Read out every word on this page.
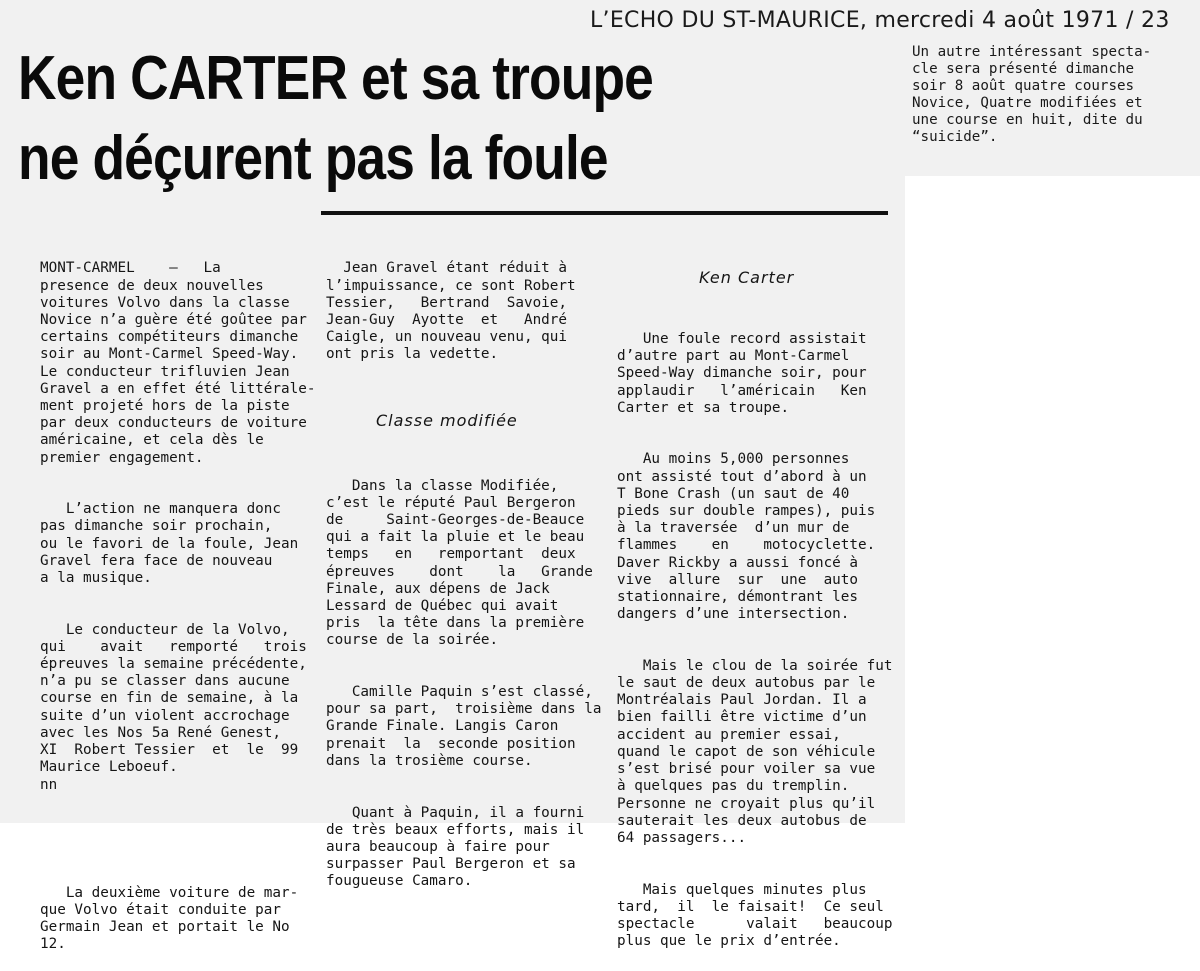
L’ECHO DU ST-MAURICE, mercredi 4 août 1971 / 23
Ken CARTER et sa troupe
ne déçurent pas la foule
Un autre intéressant specta-
cle sera présenté dimanche
soir 8 août quatre courses
Novice, Quatre modifiées et
une course en huit, dite du
“suicide”.

MONT-CARMEL    –   La
presence de deux nouvelles
voitures Volvo dans la classe
Novice n’a guère été goûtee par
certains compétiteurs dimanche
soir au Mont-Carmel Speed-Way.
Le conducteur trifluvien Jean
Gravel a en effet été littérale-
ment projeté hors de la piste
par deux conducteurs de voiture
américaine, et cela dès le
premier engagement.

L’action ne manquera donc
pas dimanche soir prochain,
ou le favori de la foule, Jean
Gravel fera face de nouveau
a la musique.

Le conducteur de la Volvo,
qui    avait   remporté   trois
épreuves la semaine précédente,
n’a pu se classer dans aucune
course en fin de semaine, à la
suite d’un violent accrochage
avec les Nos 5a René Genest,
XI  Robert Tessier  et  le  99
Maurice Leboeuf.
nn

La deuxième voiture de mar-
que Volvo était conduite par
Germain Jean et portait le No
12.

Jean Gravel étant réduit à
l’impuissance, ce sont Robert
Tessier,   Bertrand  Savoie,
Jean-Guy  Ayotte  et   André
Caigle, un nouveau venu, qui
ont pris la vedette.

Classe modifiée

Dans la classe Modifiée,
c’est le réputé Paul Bergeron
de     Saint-Georges-de-Beauce
qui a fait la pluie et le beau
temps   en   remportant  deux
épreuves    dont    la   Grande
Finale, aux dépens de Jack
Lessard de Québec qui avait
pris  la tête dans la première
course de la soirée.

Camille Paquin s’est classé,
pour sa part,  troisième dans
Grande Finale. Langis Caron
prenait  la  seconde position
dans la trosième course.

Quant à Paquin, il a fourni
de très beaux efforts, mais il
aura beaucoup à faire pour
surpasser Paul Bergeron et sa
fougueuse Camaro.

Ken Carter

Une foule record assistait
d’autre part au Mont-Carmel
Speed-Way dimanche soir, pour
applaudir   l’américain   Ken
Carter et sa troupe.

Au moins 5,000 personnes
ont assisté tout d’abord à un
T Bone Crash (un saut de 40
pieds sur double rampes), puis
à la traversée  d’un mur de
flammes    en    motocyclette.
Daver Rickby a aussi foncé à
vive  allure  sur  une  auto
stationnaire, démontrant les
dangers d’une intersection.

Mais le clou de la soirée
le saut de deux autobus par le
Montréalais Paul Jordan. Il a
bien failli être victime d’un
accident au premier essai,
quand le capot de son véhicule
s’est brisé pour voiler sa vue
à quelques pas du tremplin.
Personne ne croyait plus qu’il
sauterait les deux autobus de
64 passagers...

Mais quelques minutes plus
tard,  il  le faisait!  Ce seul
spectacle      valait   beaucoup
plus que le prix d’entrée.
